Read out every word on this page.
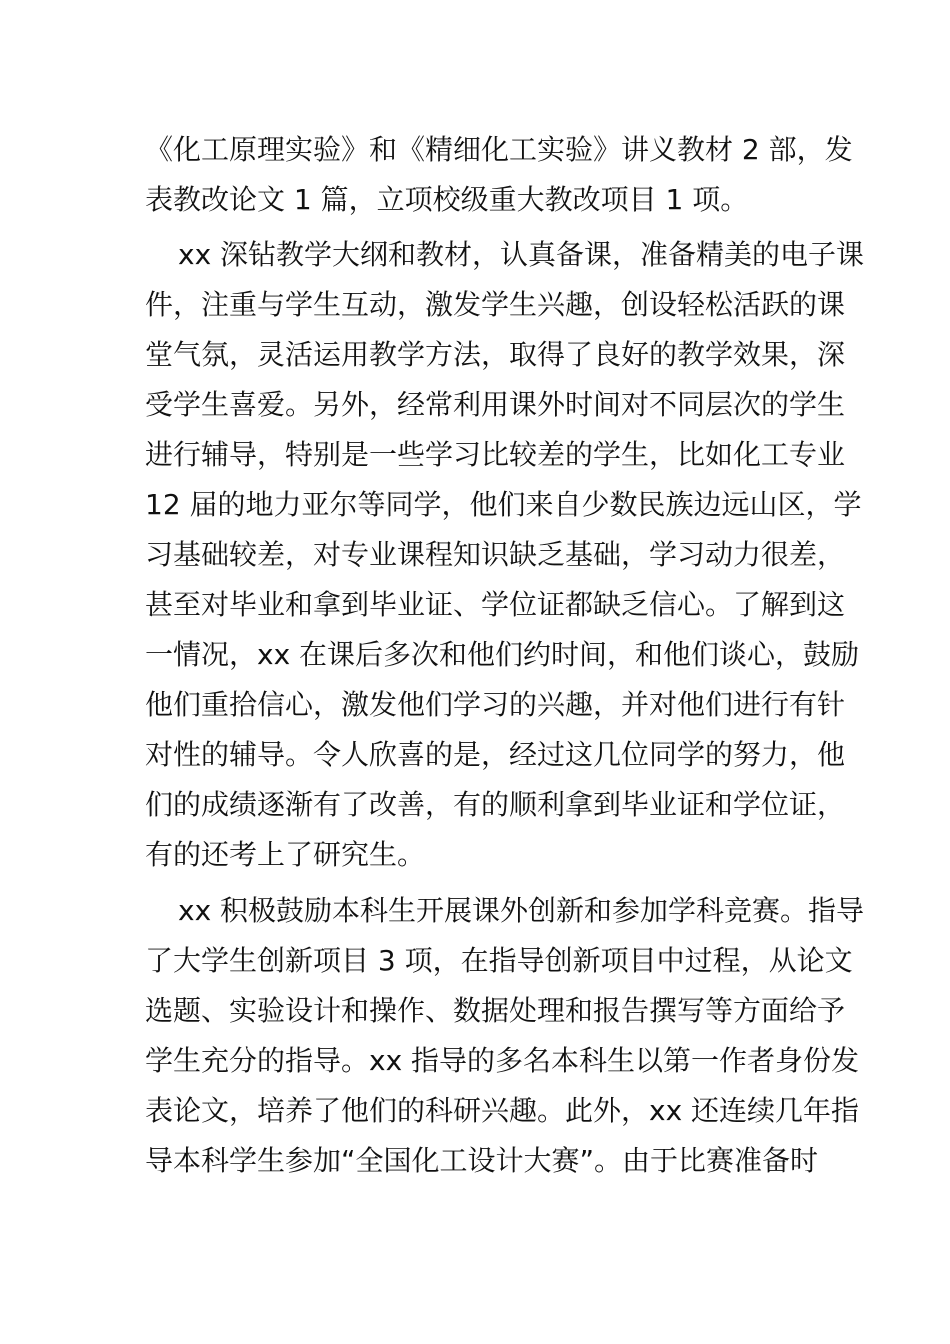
《化工原理实验》和《精细化工实验》讲义教材 2 部，发

表教改论文 1 篇，立项校级重大教改项目 1 项。

xx 深钻教学大纲和教材，认真备课，准备精美的电子课

件，注重与学生互动，激发学生兴趣，创设轻松活跃的课

堂气氛，灵活运用教学方法，取得了良好的教学效果，深

受学生喜爱。另外，经常利用课外时间对不同层次的学生

进行辅导，特别是一些学习比较差的学生，比如化工专业

12 届的地力亚尔等同学，他们来自少数民族边远山区，学

习基础较差，对专业课程知识缺乏基础，学习动力很差，

甚至对毕业和拿到毕业证、学位证都缺乏信心。了解到这

一情况，xx 在课后多次和他们约时间，和他们谈心，鼓励

他们重拾信心，激发他们学习的兴趣，并对他们进行有针

对性的辅导。令人欣喜的是，经过这几位同学的努力，他

们的成绩逐渐有了改善，有的顺利拿到毕业证和学位证，

有的还考上了研究生。

xx 积极鼓励本科生开展课外创新和参加学科竞赛。指导

了大学生创新项目 3 项，在指导创新项目中过程，从论文

选题、实验设计和操作、数据处理和报告撰写等方面给予

学生充分的指导。xx 指导的多名本科生以第一作者身份发

表论文，培养了他们的科研兴趣。此外，xx 还连续几年指

导本科学生参加“全国化工设计大赛”。由于比赛准备时
